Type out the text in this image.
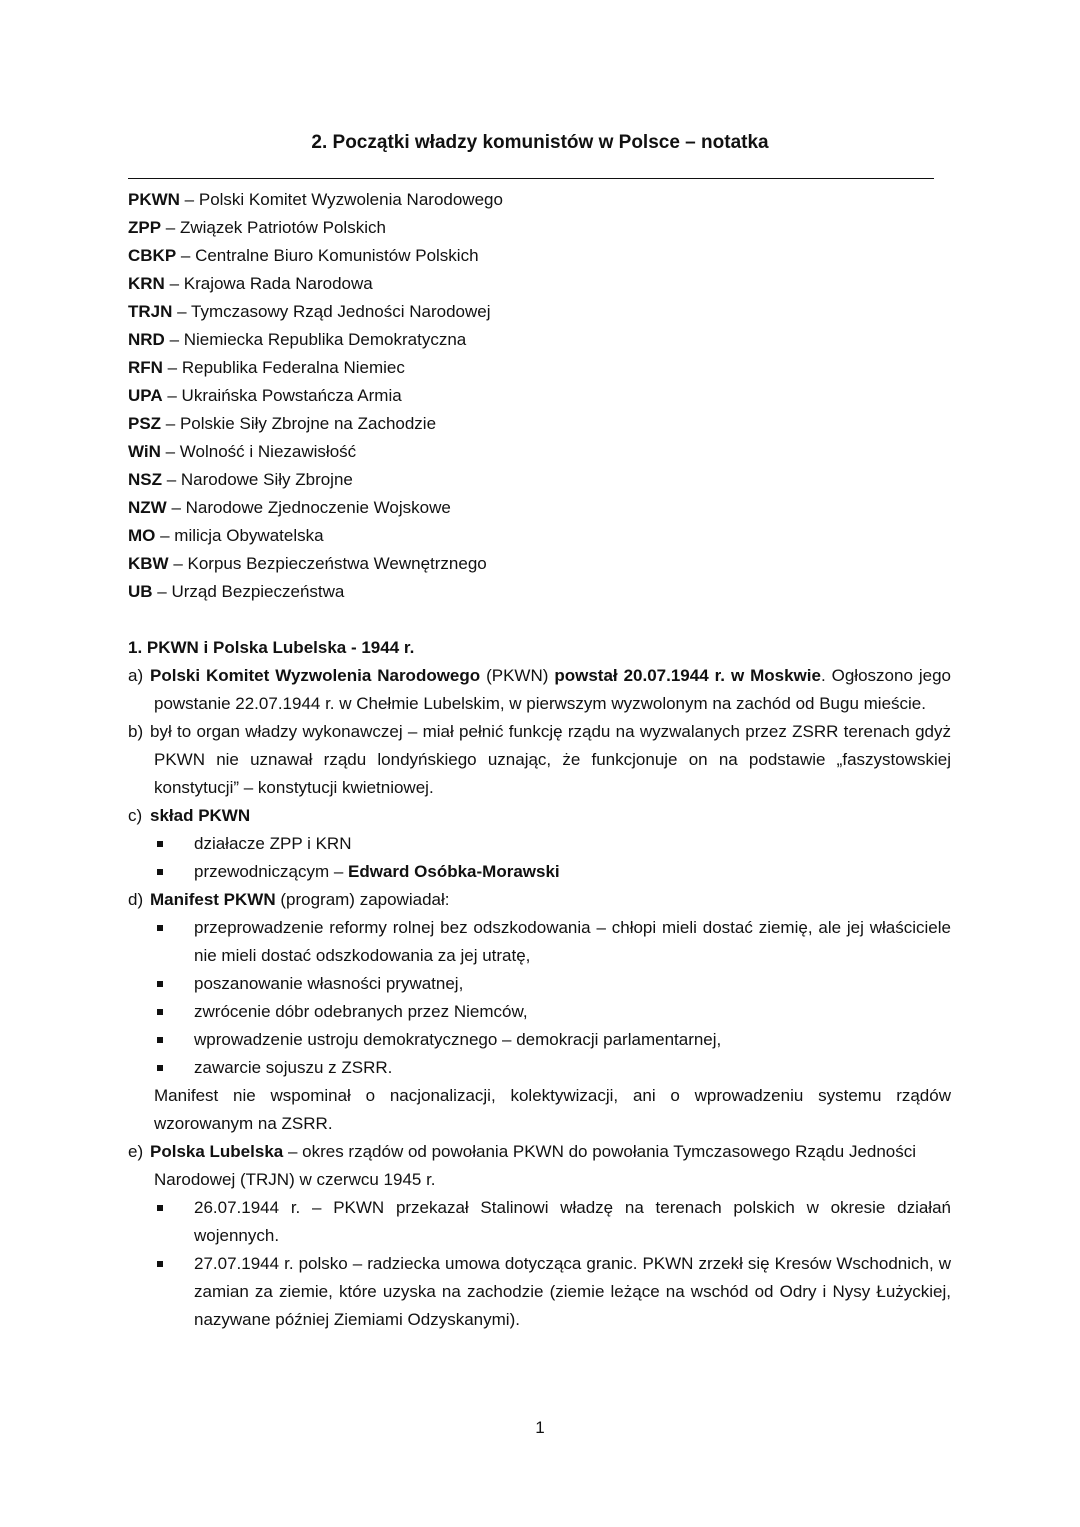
2. Początki władzy komunistów w Polsce – notatka
PKWN – Polski Komitet Wyzwolenia Narodowego
ZPP – Związek Patriotów Polskich
CBKP – Centralne Biuro Komunistów Polskich
KRN – Krajowa Rada Narodowa
TRJN – Tymczasowy Rząd Jedności Narodowej
NRD – Niemiecka Republika Demokratyczna
RFN – Republika Federalna Niemiec
UPA – Ukraińska Powstańcza Armia
PSZ – Polskie Siły Zbrojne na Zachodzie
WiN – Wolność i Niezawisłość
NSZ – Narodowe Siły Zbrojne
NZW – Narodowe Zjednoczenie Wojskowe
MO – milicja Obywatelska
KBW – Korpus Bezpieczeństwa Wewnętrznego
UB – Urząd Bezpieczeństwa

1. PKWN i Polska Lubelska - 1944 r.

a) Polski Komitet Wyzwolenia Narodowego (PKWN) powstał 20.07.1944 r. w Moskwie. Ogłoszono jego powstanie 22.07.1944 r. w Chełmie Lubelskim, w pierwszym wyzwolonym na zachód od Bugu mieście.

b) był to organ władzy wykonawczej – miał pełnić funkcję rządu na wyzwalanych przez ZSRR terenach gdyż PKWN nie uznawał rządu londyńskiego uznając, że funkcjonuje on na podstawie „faszystowskiej konstytucji” – konstytucji kwietniowej.

c) skład PKWN

działacze ZPP i KRN
przewodniczącym – Edward Osóbka-Morawski

d) Manifest PKWN (program) zapowiadał:

przeprowadzenie reformy rolnej bez odszkodowania – chłopi mieli dostać ziemię, ale jej właściciele nie mieli dostać odszkodowania za jej utratę,
poszanowanie własności prywatnej,
zwrócenie dóbr odebranych przez Niemców,
wprowadzenie ustroju demokratycznego – demokracji parlamentarnej,
zawarcie sojuszu z ZSRR.

Manifest nie wspominał o nacjonalizacji, kolektywizacji, ani o wprowadzeniu systemu rządów wzorowanym na ZSRR.

e) Polska Lubelska – okres rządów od powołania PKWN do powołania Tymczasowego Rządu Jedności Narodowej (TRJN) w czerwcu 1945 r.

26.07.1944 r. – PKWN przekazał Stalinowi władzę na terenach polskich w okresie działań wojennych.
27.07.1944 r. polsko – radziecka umowa dotycząca granic. PKWN zrzekł się Kresów Wschodnich, w zamian za ziemie, które uzyska na zachodzie (ziemie leżące na wschód od Odry i Nysy Łużyckiej, nazywane później Ziemiami Odzyskanymi).
1
